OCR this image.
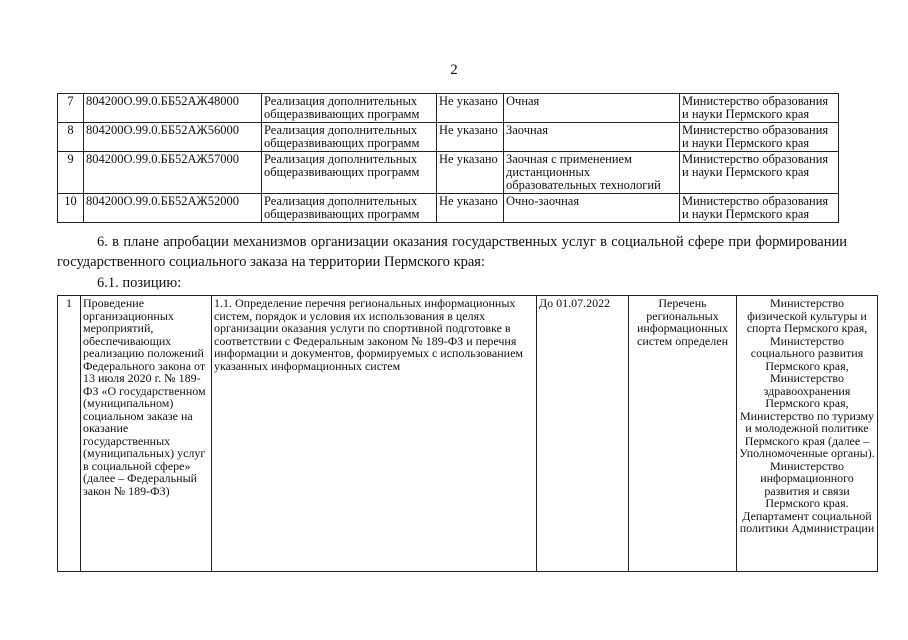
2
7	804200О.99.0.ББ52АЖ48000	Реализация дополнительных общеразвивающих программ	Не указано	Очная	Министерство образования и науки Пермского края
8	804200О.99.0.ББ52АЖ56000	Реализация дополнительных общеразвивающих программ	Не указано	Заочная	Министерство образования и науки Пермского края
9	804200О.99.0.ББ52АЖ57000	Реализация дополнительных общеразвивающих программ	Не указано	Заочная с применением дистанционных образовательных технологий	Министерство образования и науки Пермского края
10	804200О.99.0.ББ52АЖ52000	Реализация дополнительных общеразвивающих программ	Не указано	Очно-заочная	Министерство образования и науки Пермского края
6. в плане апробации механизмов организации оказания государственных услуг в социальной сфере при формировании государственного социального заказа на территории Пермского края:
6.1. позицию:
1	Проведение организационных мероприятий, обеспечивающих реализацию положений Федерального закона от 13 июля 2020 г. № 189-ФЗ «О государственном (муниципальном) социальном заказе на оказание государственных (муниципальных) услуг в социальной сфере» (далее – Федеральный закон № 189-ФЗ)	1.1. Определение перечня региональных информационных систем, порядок и условия их использования в целях организации оказания услуги по спортивной подготовке в соответствии с Федеральным законом № 189-ФЗ и перечня информации и документов, формируемых с использованием указанных информационных систем	До 01.07.2022	Перечень региональных информационных систем определен	Министерство физической культуры и спорта Пермского края, Министерство социального развития Пермского края, Министерство здравоохранения Пермского края, Министерство по туризму и молодежной политике Пермского края (далее – Уполномоченные органы). Министерство информационного развития и связи Пермского края. Департамент социальной политики Администрации
